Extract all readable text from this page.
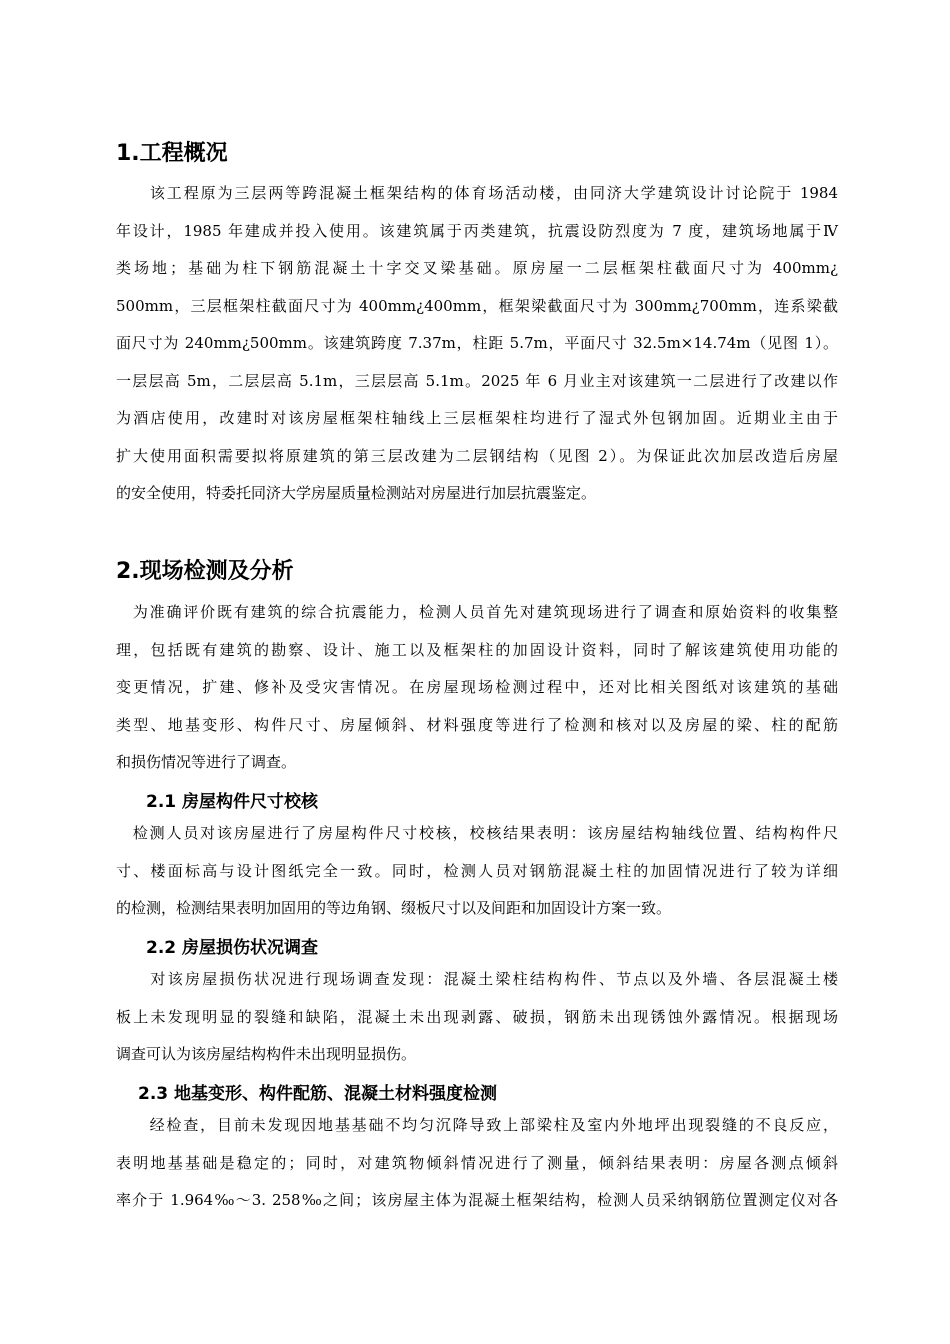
1.工程概况
　　该工程原为三层两等跨混凝土框架结构的体育场活动楼，由同济大学建筑设计讨论院于 1984
年设计，1985 年建成并投入使用。该建筑属于丙类建筑，抗震设防烈度为 7 度，建筑场地属于Ⅳ
类场地；基础为柱下钢筋混凝土十字交叉梁基础。原房屋一二层框架柱截面尺寸为 400mm¿
500mm，三层框架柱截面尺寸为 400mm¿400mm，框架梁截面尺寸为 300mm¿700mm，连系梁截
面尺寸为 240mm¿500mm。该建筑跨度 7.37m，柱距 5.7m，平面尺寸 32.5m×14.74m（见图 1）。
一层层高 5m，二层层高 5.1m，三层层高 5.1m。2025 年 6 月业主对该建筑一二层进行了改建以作
为酒店使用，改建时对该房屋框架柱轴线上三层框架柱均进行了湿式外包钢加固。近期业主由于
扩大使用面积需要拟将原建筑的第三层改建为二层钢结构（见图 2）。为保证此次加层改造后房屋
的安全使用，特委托同济大学房屋质量检测站对房屋进行加层抗震鉴定。
2.现场检测及分析
　为准确评价既有建筑的综合抗震能力，检测人员首先对建筑现场进行了调查和原始资料的收集整
理，包括既有建筑的勘察、设计、施工以及框架柱的加固设计资料，同时了解该建筑使用功能的
变更情况，扩建、修补及受灾害情况。在房屋现场检测过程中，还对比相关图纸对该建筑的基础
类型、地基变形、构件尺寸、房屋倾斜、材料强度等进行了检测和核对以及房屋的梁、柱的配筋
和损伤情况等进行了调查。
2.1 房屋构件尺寸校核
　检测人员对该房屋进行了房屋构件尺寸校核，校核结果表明：该房屋结构轴线位置、结构构件尺
寸、楼面标高与设计图纸完全一致。同时，检测人员对钢筋混凝土柱的加固情况进行了较为详细
的检测，检测结果表明加固用的等边角钢、缀板尺寸以及间距和加固设计方案一致。
2.2 房屋损伤状况调查
　　对该房屋损伤状况进行现场调查发现：混凝土梁柱结构构件、节点以及外墙、各层混凝土楼
板上未发现明显的裂缝和缺陷，混凝土未出现剥露、破损，钢筋未出现锈蚀外露情况。根据现场
调查可认为该房屋结构构件未出现明显损伤。
2.3 地基变形、构件配筋、混凝土材料强度检测
　　经检查，目前未发现因地基基础不均匀沉降导致上部梁柱及室内外地坪出现裂缝的不良反应，
表明地基基础是稳定的；同时，对建筑物倾斜情况进行了测量，倾斜结果表明：房屋各测点倾斜
率介于 1.964‰～3. 258‰之间；该房屋主体为混凝土框架结构，检测人员采纳钢筋位置测定仪对各
